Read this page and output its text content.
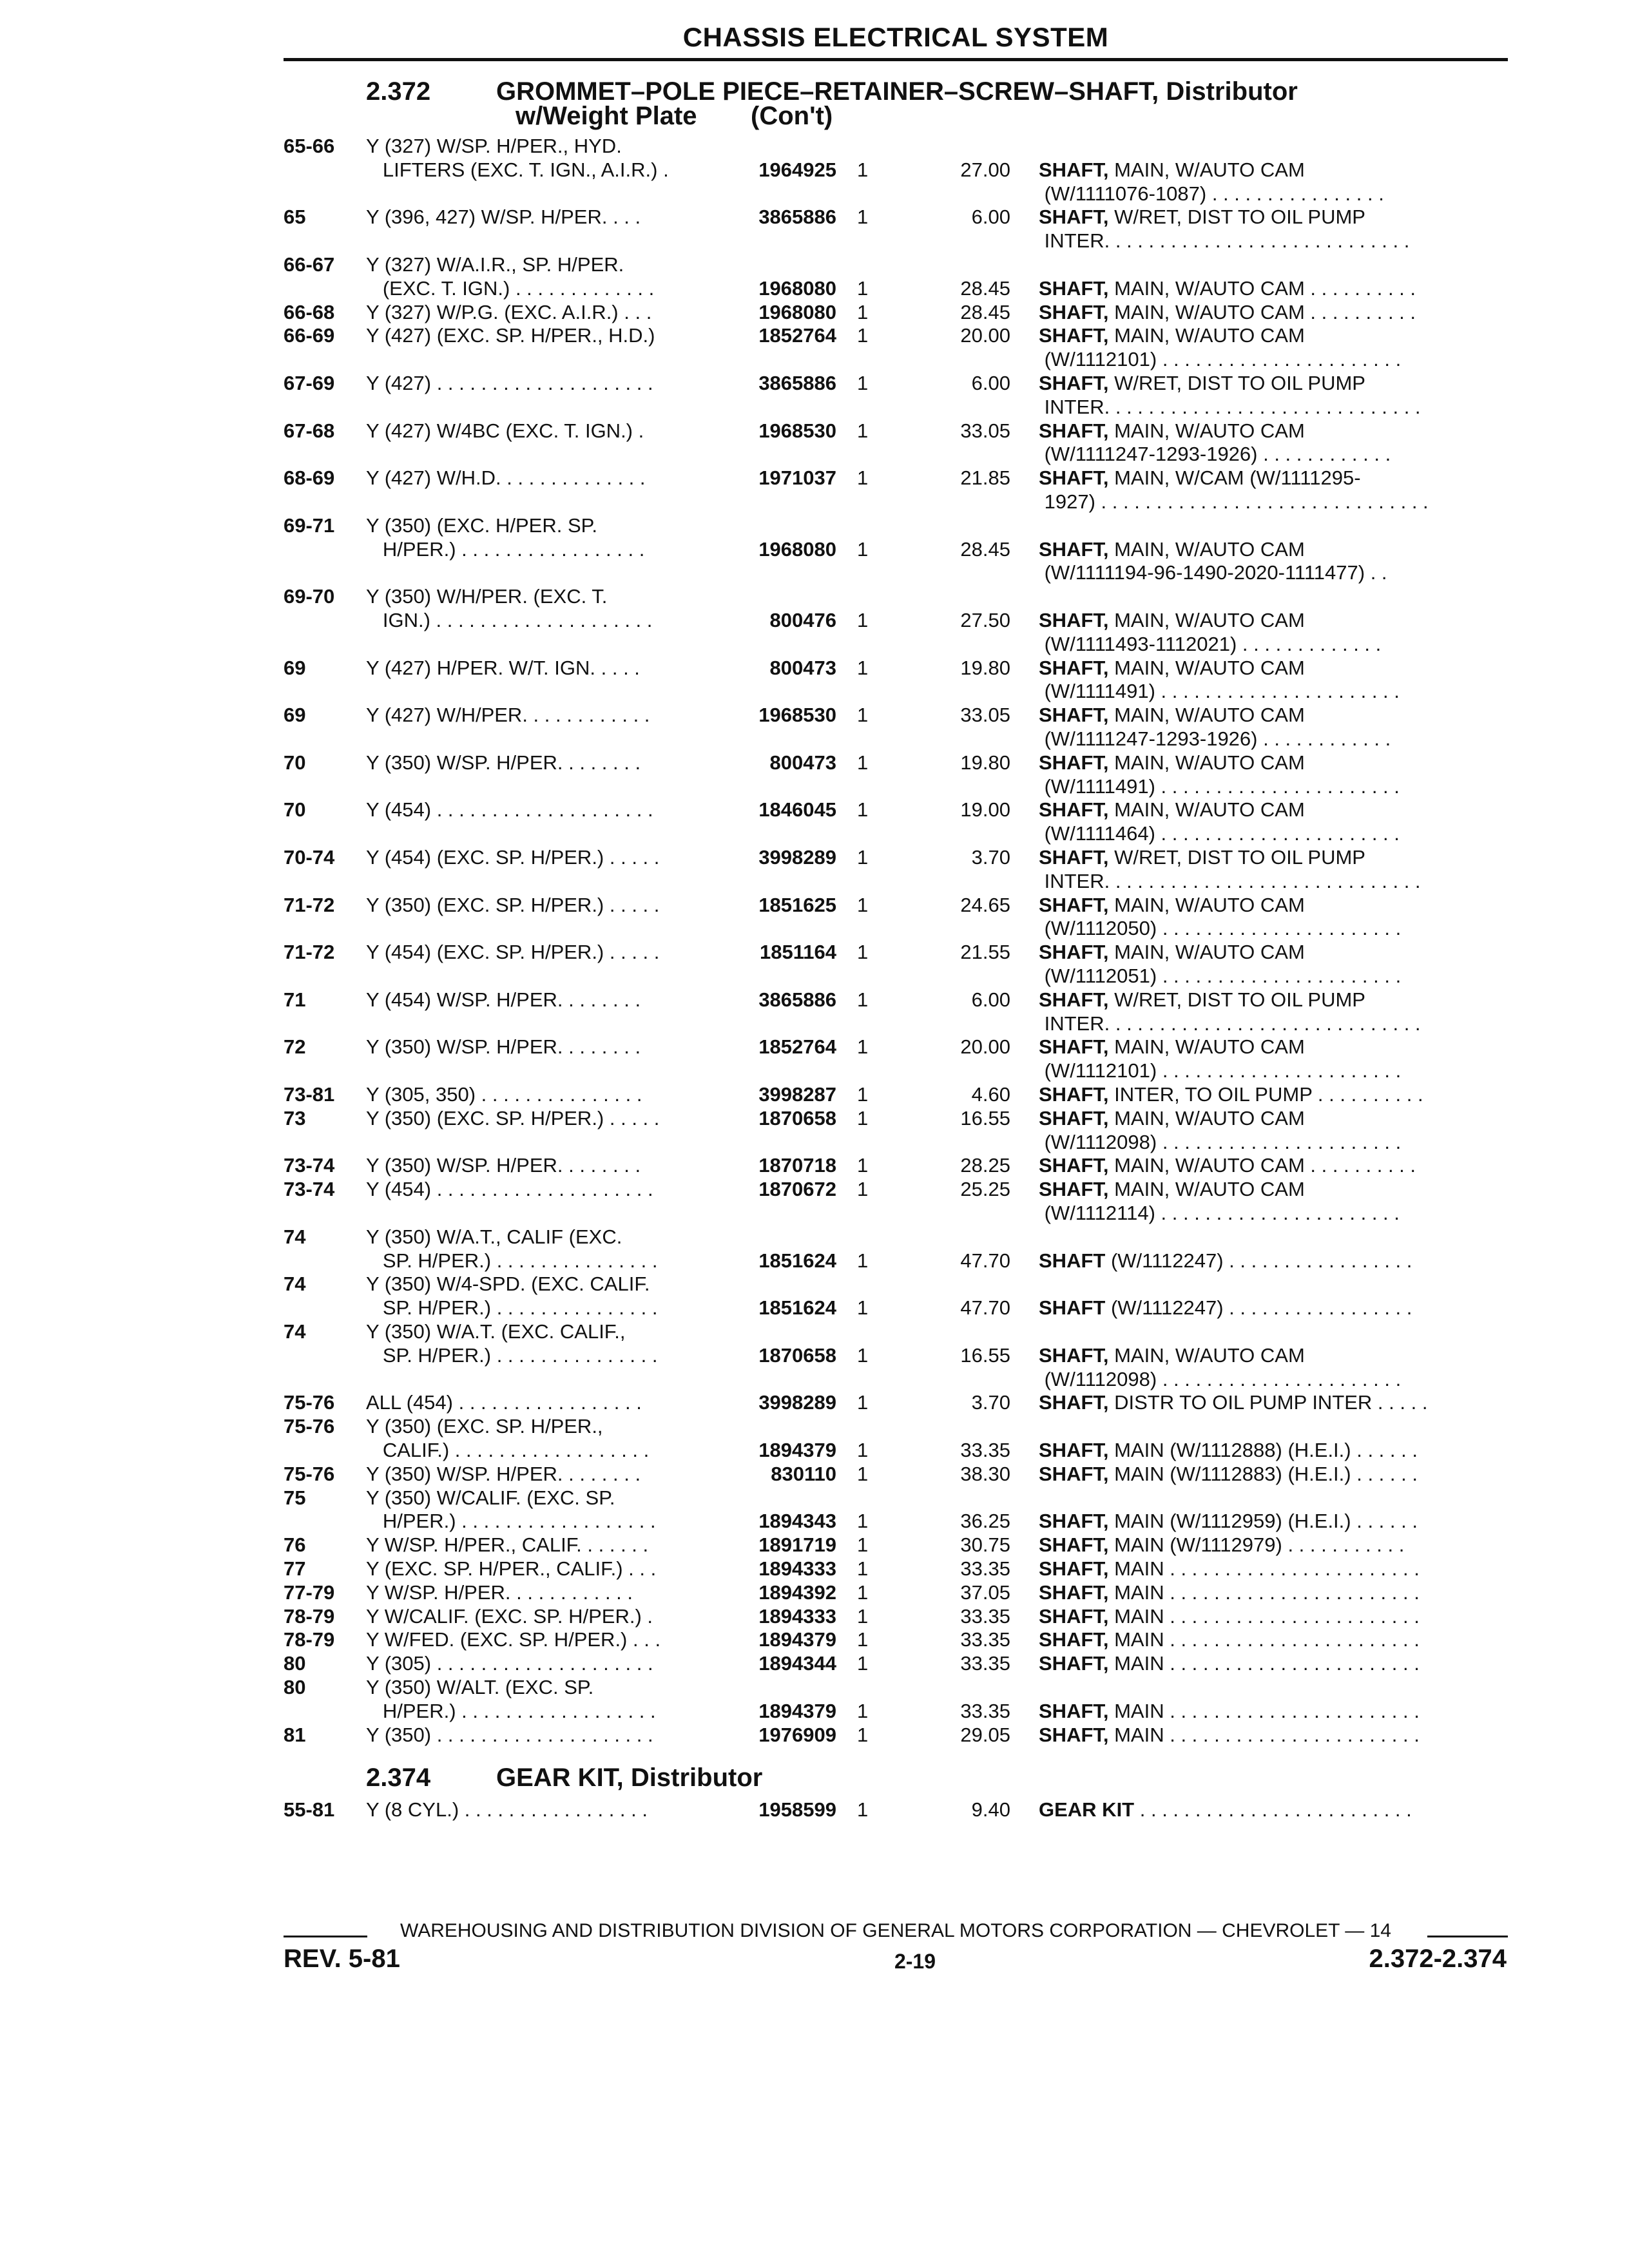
CHASSIS ELECTRICAL SYSTEM
2.372	GROMMET–POLE PIECE–RETAINER–SCREW–SHAFT, Distributor
w/Weight Plate (Con't)
65-66	Y (327) W/SP. H/PER., HYD.
LIFTERS (EXC. T. IGN., A.I.R.) .	1964925 1	27.00 SHAFT, MAIN, W/AUTO CAM
(W/1111076-1087) . . . . . . . . . . . . . . . .
65	Y (396, 427) W/SP. H/PER. . . .	3865886 1	6.00 SHAFT, W/RET, DIST TO OIL PUMP
INTER. . . . . . . . . . . . . . . . . . . . . . . . . . . .
66-67	Y (327) W/A.I.R., SP. H/PER.
(EXC. T. IGN.) . . . . . . . . . . . . .	1968080 1	28.45 SHAFT, MAIN, W/AUTO CAM . . . . . . . . . .
66-68	Y (327) W/P.G. (EXC. A.I.R.) . . .	1968080 1	28.45 SHAFT, MAIN, W/AUTO CAM . . . . . . . . . .
66-69	Y (427) (EXC. SP. H/PER., H.D.)	1852764 1	20.00 SHAFT, MAIN, W/AUTO CAM
(W/1112101) . . . . . . . . . . . . . . . . . . . . . .
67-69	Y (427) . . . . . . . . . . . . . . . . . . . .	3865886 1	6.00 SHAFT, W/RET, DIST TO OIL PUMP
INTER. . . . . . . . . . . . . . . . . . . . . . . . . . . . .
67-68	Y (427) W/4BC (EXC. T. IGN.) .	1968530 1	33.05 SHAFT, MAIN, W/AUTO CAM
(W/1111247-1293-1926) . . . . . . . . . . . .
68-69	Y (427) W/H.D. . . . . . . . . . . . . .	1971037 1	21.85 SHAFT, MAIN, W/CAM (W/1111295-
1927) . . . . . . . . . . . . . . . . . . . . . . . . . . . . . .
69-71	Y (350) (EXC. H/PER. SP.
H/PER.) . . . . . . . . . . . . . . . . .	1968080 1	28.45 SHAFT, MAIN, W/AUTO CAM
(W/1111194-96-1490-2020-1111477) . .
69-70	Y (350) W/H/PER. (EXC. T.
IGN.) . . . . . . . . . . . . . . . . . . . .	800476 1	27.50 SHAFT, MAIN, W/AUTO CAM
(W/1111493-1112021) . . . . . . . . . . . . .
69	Y (427) H/PER. W/T. IGN. . . . .	800473 1	19.80 SHAFT, MAIN, W/AUTO CAM
(W/1111491) . . . . . . . . . . . . . . . . . . . . . .
69	Y (427) W/H/PER. . . . . . . . . . . .	1968530 1	33.05 SHAFT, MAIN, W/AUTO CAM
(W/1111247-1293-1926) . . . . . . . . . . . .
70	Y (350) W/SP. H/PER. . . . . . . .	800473 1	19.80 SHAFT, MAIN, W/AUTO CAM
(W/1111491) . . . . . . . . . . . . . . . . . . . . . .
70	Y (454) . . . . . . . . . . . . . . . . . . . .	1846045 1	19.00 SHAFT, MAIN, W/AUTO CAM
(W/1111464) . . . . . . . . . . . . . . . . . . . . . .
70-74	Y (454) (EXC. SP. H/PER.) . . . . .	3998289 1	3.70 SHAFT, W/RET, DIST TO OIL PUMP
INTER. . . . . . . . . . . . . . . . . . . . . . . . . . . . .
71-72	Y (350) (EXC. SP. H/PER.) . . . . .	1851625 1	24.65 SHAFT, MAIN, W/AUTO CAM
(W/1112050) . . . . . . . . . . . . . . . . . . . . . .
71-72	Y (454) (EXC. SP. H/PER.) . . . . .	1851164 1	21.55 SHAFT, MAIN, W/AUTO CAM
(W/1112051) . . . . . . . . . . . . . . . . . . . . . .
71	Y (454) W/SP. H/PER. . . . . . . .	3865886 1	6.00 SHAFT, W/RET, DIST TO OIL PUMP
INTER. . . . . . . . . . . . . . . . . . . . . . . . . . . . .
72	Y (350) W/SP. H/PER. . . . . . . .	1852764 1	20.00 SHAFT, MAIN, W/AUTO CAM
(W/1112101) . . . . . . . . . . . . . . . . . . . . . .
73-81	Y (305, 350) . . . . . . . . . . . . . . .	3998287 1	4.60 SHAFT, INTER, TO OIL PUMP . . . . . . . . . .
73	Y (350) (EXC. SP. H/PER.) . . . . .	1870658 1	16.55 SHAFT, MAIN, W/AUTO CAM
(W/1112098) . . . . . . . . . . . . . . . . . . . . . .
73-74	Y (350) W/SP. H/PER. . . . . . . .	1870718 1	28.25 SHAFT, MAIN, W/AUTO CAM . . . . . . . . . .
73-74	Y (454) . . . . . . . . . . . . . . . . . . . .	1870672 1	25.25 SHAFT, MAIN, W/AUTO CAM
(W/1112114) . . . . . . . . . . . . . . . . . . . . . .
74	Y (350) W/A.T., CALIF (EXC.
SP. H/PER.) . . . . . . . . . . . . . . .	1851624 1	47.70 SHAFT (W/1112247) . . . . . . . . . . . . . . . . .
74	Y (350) W/4-SPD. (EXC. CALIF.
SP. H/PER.) . . . . . . . . . . . . . . .	1851624 1	47.70 SHAFT (W/1112247) . . . . . . . . . . . . . . . . .
74	Y (350) W/A.T. (EXC. CALIF.,
SP. H/PER.) . . . . . . . . . . . . . . .	1870658 1	16.55 SHAFT, MAIN, W/AUTO CAM
(W/1112098) . . . . . . . . . . . . . . . . . . . . . .
75-76	ALL (454) . . . . . . . . . . . . . . . . .	3998289 1	3.70 SHAFT, DISTR TO OIL PUMP INTER . . . . .
75-76	Y (350) (EXC. SP. H/PER.,
CALIF.) . . . . . . . . . . . . . . . . . .	1894379 1	33.35 SHAFT, MAIN (W/1112888) (H.E.I.) . . . . . .
75-76	Y (350) W/SP. H/PER. . . . . . . .	830110 1	38.30 SHAFT, MAIN (W/1112883) (H.E.I.) . . . . . .
75	Y (350) W/CALIF. (EXC. SP.
H/PER.) . . . . . . . . . . . . . . . . . .	1894343 1	36.25 SHAFT, MAIN (W/1112959) (H.E.I.) . . . . . .
76	Y W/SP. H/PER., CALIF. . . . . . .	1891719 1	30.75 SHAFT, MAIN (W/1112979) . . . . . . . . . . .
77	Y (EXC. SP. H/PER., CALIF.) . . .	1894333 1	33.35 SHAFT, MAIN . . . . . . . . . . . . . . . . . . . . . . .
77-79	Y W/SP. H/PER. . . . . . . . . . . .	1894392 1	37.05 SHAFT, MAIN . . . . . . . . . . . . . . . . . . . . . . .
78-79	Y W/CALIF. (EXC. SP. H/PER.) .	1894333 1	33.35 SHAFT, MAIN . . . . . . . . . . . . . . . . . . . . . . .
78-79	Y W/FED. (EXC. SP. H/PER.) . . .	1894379 1	33.35 SHAFT, MAIN . . . . . . . . . . . . . . . . . . . . . . .
80	Y (305) . . . . . . . . . . . . . . . . . . . .	1894344 1	33.35 SHAFT, MAIN . . . . . . . . . . . . . . . . . . . . . . .
80	Y (350) W/ALT. (EXC. SP.
H/PER.) . . . . . . . . . . . . . . . . . .	1894379 1	33.35 SHAFT, MAIN . . . . . . . . . . . . . . . . . . . . . . .
81	Y (350) . . . . . . . . . . . . . . . . . . . .	1976909 1	29.05 SHAFT, MAIN . . . . . . . . . . . . . . . . . . . . . . .
2.374	GEAR KIT, Distributor
55-81	Y (8 CYL.) . . . . . . . . . . . . . . . . .	1958599 1	9.40 GEAR KIT . . . . . . . . . . . . . . . . . . . . . . . . .
WAREHOUSING AND DISTRIBUTION DIVISION OF GENERAL MOTORS CORPORATION — CHEVROLET — 14
REV. 5-81	2-19	2.372-2.374
